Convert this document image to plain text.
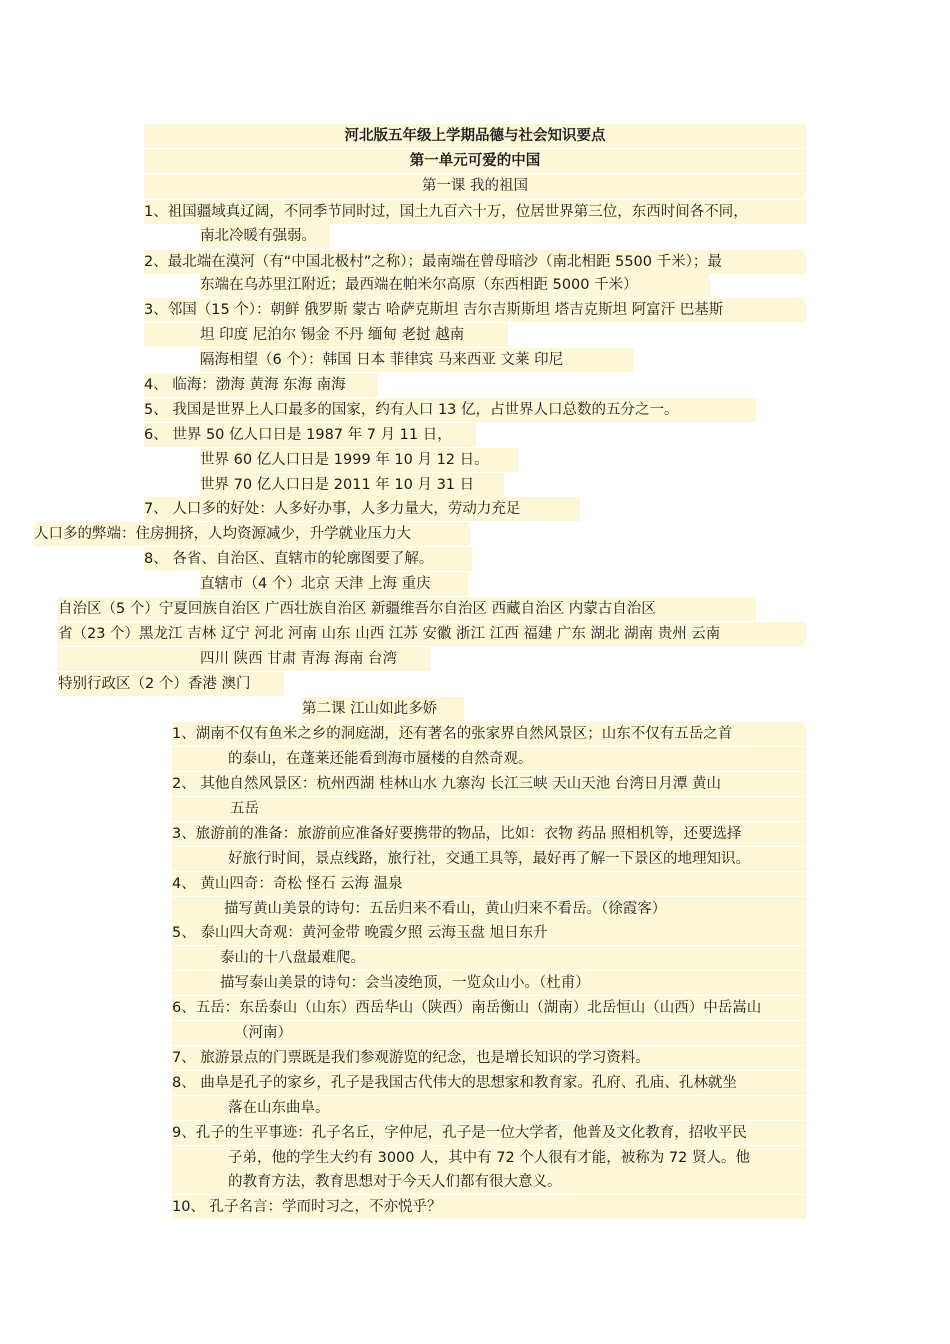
河北版五年级上学期品德与社会知识要点
第一单元可爱的中国
第一课 我的祖国
1、祖国疆域真辽阔，不同季节同时过，国土九百六十万，位居世界第三位，东西时间各不同，
南北冷暖有强弱。
2、最北端在漠河（有“中国北极村”之称）；最南端在曾母暗沙（南北相距 5500 千米）；最
东端在乌苏里江附近；最西端在帕米尔高原（东西相距 5000 千米）
3、邻国（15 个）：朝鲜 俄罗斯 蒙古 哈萨克斯坦 吉尔吉斯斯坦 塔吉克斯坦 阿富汗 巴基斯
坦 印度 尼泊尔 锡金 不丹 缅甸 老挝 越南
隔海相望（6 个）：韩国 日本 菲律宾 马来西亚 文莱 印尼
4、 临海：渤海 黄海 东海 南海
5、 我国是世界上人口最多的国家，约有人口 13 亿，占世界人口总数的五分之一。
6、 世界 50 亿人口日是 1987 年 7 月 11 日，
世界 60 亿人口日是 1999 年 10 月 12 日。
世界 70 亿人口日是 2011 年 10 月 31 日
7、 人口多的好处：人多好办事，人多力量大，劳动力充足
人口多的弊端：住房拥挤，人均资源减少，升学就业压力大
8、 各省、自治区、直辖市的轮廓图要了解。
直辖市（4 个）北京 天津 上海 重庆
自治区（5 个）宁夏回族自治区 广西壮族自治区 新疆维吾尔自治区 西藏自治区 内蒙古自治区
省（23 个）黑龙江 吉林 辽宁 河北 河南 山东 山西 江苏 安徽 浙江 江西 福建 广东 湖北 湖南 贵州 云南
四川 陕西 甘肃 青海 海南 台湾
特别行政区（2 个）香港 澳门
第二课 江山如此多娇
1、湖南不仅有鱼米之乡的洞庭湖，还有著名的张家界自然风景区；山东不仅有五岳之首
的泰山，在蓬莱还能看到海市蜃楼的自然奇观。
2、 其他自然风景区：杭州西湖 桂林山水 九寨沟 长江三峡 天山天池 台湾日月潭 黄山
五岳
3、旅游前的准备：旅游前应准备好要携带的物品，比如：衣物 药品 照相机等，还要选择
好旅行时间，景点线路，旅行社，交通工具等，最好再了解一下景区的地理知识。
4、 黄山四奇：奇松 怪石 云海 温泉
描写黄山美景的诗句：五岳归来不看山，黄山归来不看岳。（徐霞客）
5、 泰山四大奇观：黄河金带 晚霞夕照 云海玉盘 旭日东升
泰山的十八盘最难爬。
描写泰山美景的诗句：会当凌绝顶，一览众山小。（杜甫）
6、五岳：东岳泰山（山东）西岳华山（陕西）南岳衡山（湖南）北岳恒山（山西）中岳嵩山
（河南）
7、 旅游景点的门票既是我们参观游览的纪念，也是增长知识的学习资料。
8、 曲阜是孔子的家乡，孔子是我国古代伟大的思想家和教育家。孔府、孔庙、孔林就坐
落在山东曲阜。
9、孔子的生平事迹：孔子名丘，字仲尼，孔子是一位大学者，他普及文化教育，招收平民
子弟，他的学生大约有 3000 人，其中有 72 个人很有才能，被称为 72 贤人。他
的教育方法，教育思想对于今天人们都有很大意义。
10、 孔子名言：学而时习之，不亦悦乎？
